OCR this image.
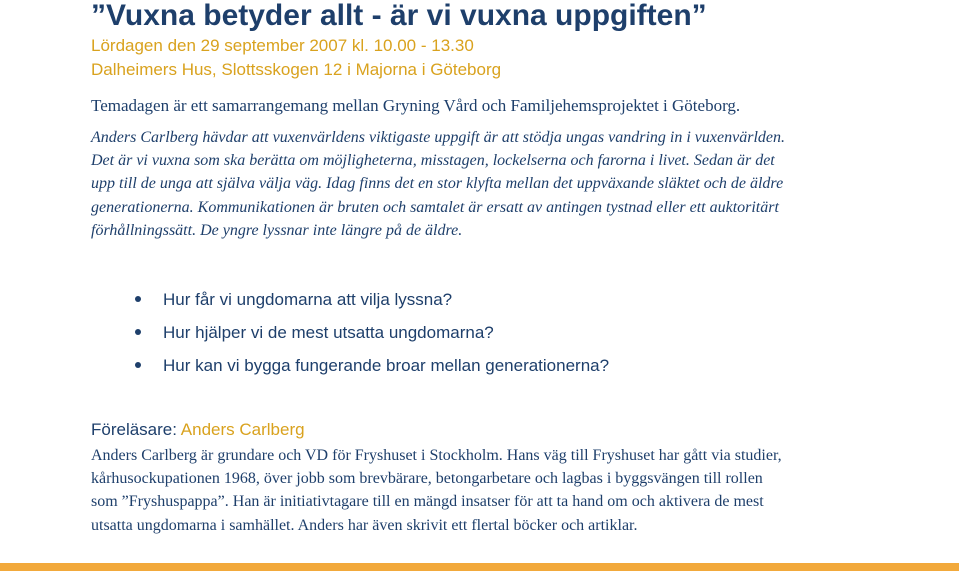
”Vuxna betyder allt - är vi vuxna uppgiften”
Lördagen den 29 september 2007 kl. 10.00 - 13.30
Dalheimers Hus, Slottsskogen 12 i Majorna i Göteborg

Temadagen är ett samarrangemang mellan Gryning Vård och Familjehemsprojektet i Göteborg.

Anders Carlberg hävdar att vuxenvärldens viktigaste uppgift är att stödja ungas vandring in i vuxenvärlden. Det är vi vuxna som ska berätta om möjligheterna, misstagen, lockelserna och farorna i livet. Sedan är det upp till de unga att själva välja väg. Idag finns det en stor klyfta mellan det uppväxande släktet och de äldre generationerna. Kommunikationen är bruten och samtalet är ersatt av antingen tystnad eller ett auktoritärt förhållningssätt. De yngre lyssnar inte längre på de äldre.

Hur får vi ungdomarna att vilja lyssna?
Hur hjälper vi de mest utsatta ungdomarna?
Hur kan vi bygga fungerande broar mellan generationerna?
Föreläsare: Anders Carlberg

Anders Carlberg är grundare och VD för Fryshuset i Stockholm. Hans väg till Fryshuset har gått via studier, kårhusockupationen 1968, över jobb som brevbärare, betongarbetare och lagbas i byggsvängen till rollen som ”Fryshuspappa”. Han är initiativtagare till en mängd insatser för att ta hand om och aktivera de mest utsatta ungdomarna i samhället. Anders har även skrivit ett flertal böcker och artiklar.
